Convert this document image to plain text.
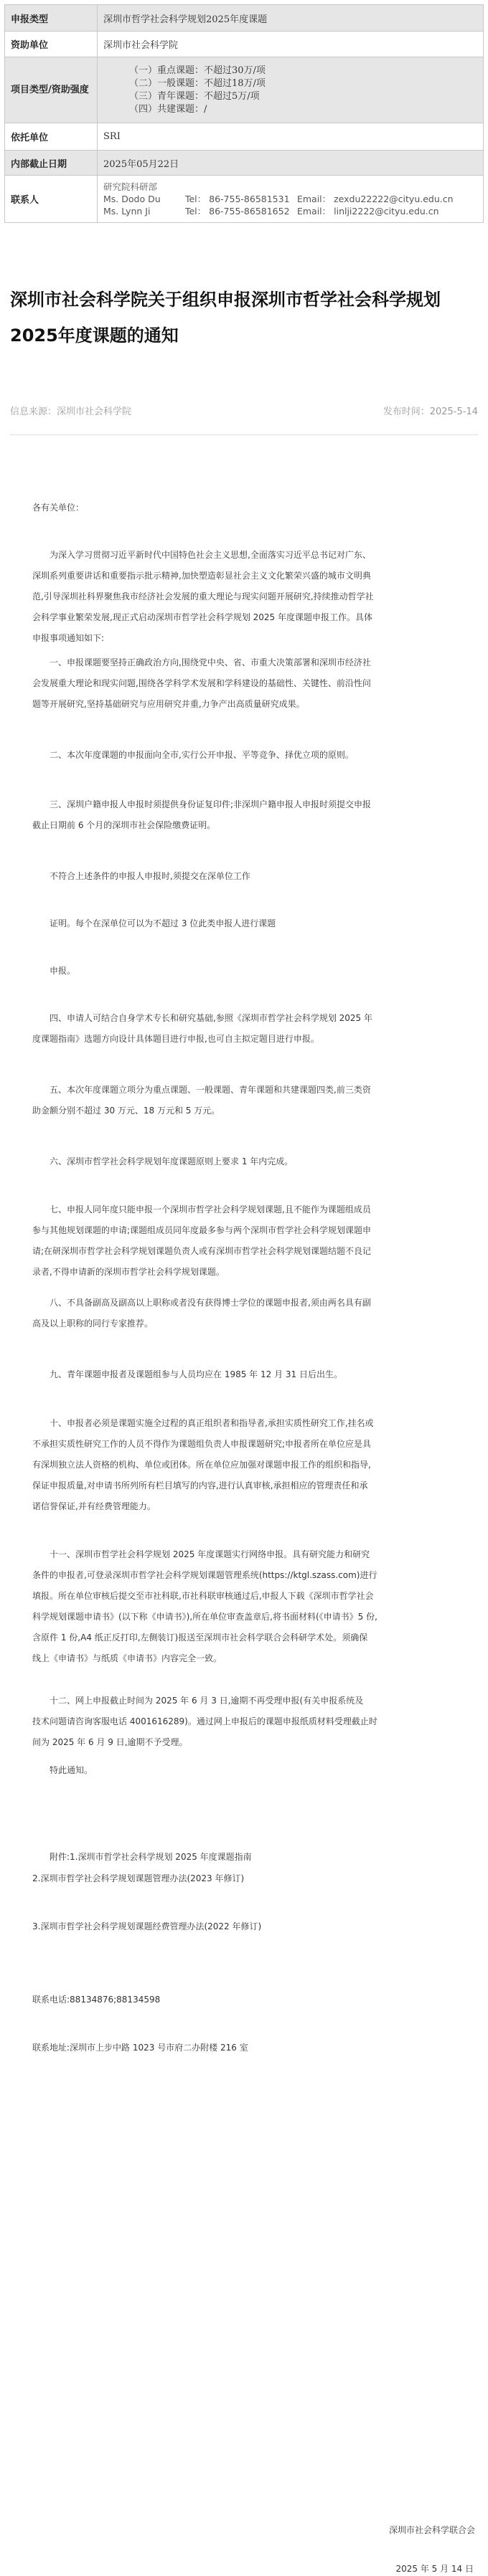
申报类型	深圳市哲学社会科学规划2025年度课题
资助单位	深圳市社会科学院
项目类型/资助强度	（一）重点课题：不超过30万/项

（二）一般课题：不超过18万/项

（三）青年课题：不超过5万/项

（四）共建课题：/

依托单位	SRI
内部截止日期	2025年05月22日
联系人	研究院科研部
Ms. Dodo Du Tel： 86-755-86581531 Email： zexdu22222@cityu.edu.cn
Ms. Lynn Ji Tel： 86-755-86581652 Email： linlji2222@cityu.edu.cn
深圳市社会科学院关于组织申报深圳市哲学社会科学规划
2025年度课题的通知
信息来源：深圳市社会科学院	发布时间：2025-5-14
各有关单位：
为深入学习贯彻习近平新时代中国特色社会主义思想,全面落实习近平总书记对广东、
深圳系列重要讲话和重要指示批示精神,加快塑造彰显社会主义文化繁荣兴盛的城市文明典
范,引导深圳社科界聚焦我市经济社会发展的重大理论与现实问题开展研究,持续推动哲学社
会科学事业繁荣发展,现正式启动深圳市哲学社会科学规划 2025 年度课题申报工作。具体
申报事项通知如下:
一、申报课题要坚持正确政治方向,围绕党中央、省、市重大决策部署和深圳市经济社
会发展重大理论和现实问题,围绕各学科学术发展和学科建设的基础性、关键性、前沿性问
题等开展研究,坚持基础研究与应用研究并重,力争产出高质量研究成果。
二、本次年度课题的申报面向全市,实行公开申报、平等竞争、择优立项的原则。
三、深圳户籍申报人申报时须提供身份证复印件;非深圳户籍申报人申报时须提交申报
截止日期前 6 个月的深圳市社会保险缴费证明。
不符合上述条件的申报人申报时,须提交在深单位工作
证明。每个在深单位可以为不超过 3 位此类申报人进行课题
申报。
四、申请人可结合自身学术专长和研究基础,参照《深圳市哲学社会科学规划 2025 年
度课题指南》选题方向设计具体题目进行申报,也可自主拟定题目进行申报。
五、本次年度课题立项分为重点课题、一般课题、青年课题和共建课题四类,前三类资
助金额分别不超过 30 万元、18 万元和 5 万元。
六、深圳市哲学社会科学规划年度课题原则上要求 1 年内完成。
七、申报人同年度只能申报一个深圳市哲学社会科学规划课题,且不能作为课题组成员
参与其他规划课题的申请;课题组成员同年度最多参与两个深圳市哲学社会科学规划课题申
请;在研深圳市哲学社会科学规划课题负责人或有深圳市哲学社会科学规划课题结题不良记
录者,不得申请新的深圳市哲学社会科学规划课题。
八、不具备副高及副高以上职称或者没有获得博士学位的课题申报者,须由两名具有副
高及以上职称的同行专家推荐。
九、青年课题申报者及课题组参与人员均应在 1985 年 12 月 31 日后出生。
十、申报者必须是课题实施全过程的真正组织者和指导者,承担实质性研究工作,挂名或
不承担实质性研究工作的人员不得作为课题组负责人申报课题研究;申报者所在单位应是具
有深圳独立法人资格的机构、单位或团体。所在单位应加强对课题申报工作的组织和指导,
保证申报质量,对申请书所列所有栏目填写的内容,进行认真审核,承担相应的管理责任和承
诺信誉保证,并有经费管理能力。
十一、深圳市哲学社会科学规划 2025 年度课题实行网络申报。具有研究能力和研究
条件的申报者,可登录深圳市哲学社会科学规划课题管理系统(https://ktgl.szass.com)进行
填报。所在单位审核后提交至市社科联,市社科联审核通过后,申报人下载《深圳市哲学社会
科学规划课题申请书》(以下称《申请书》),所在单位审查盖章后,将书面材料(《申请书》5 份,
含原件 1 份,A4 纸正反打印,左侧装订)报送至深圳市社会科学联合会科研学术处。须确保
线上《申请书》与纸质《申请书》内容完全一致。
十二、网上申报截止时间为 2025 年 6 月 3 日,逾期不再受理申报(有关申报系统及
技术问题请咨询客服电话 4001616289)。通过网上申报后的课题申报纸质材料受理截止时
间为 2025 年 6 月 9 日,逾期不予受理。
特此通知。
附件:1.深圳市哲学社会科学规划 2025 年度课题指南
2.深圳市哲学社会科学规划课题管理办法(2023 年修订)
3.深圳市哲学社会科学规划课题经费管理办法(2022 年修订)
联系电话:88134876;88134598
联系地址:深圳市上步中路 1023 号市府二办附楼 216 室

深圳市社会科学联合会

2025 年 5 月 14 日
